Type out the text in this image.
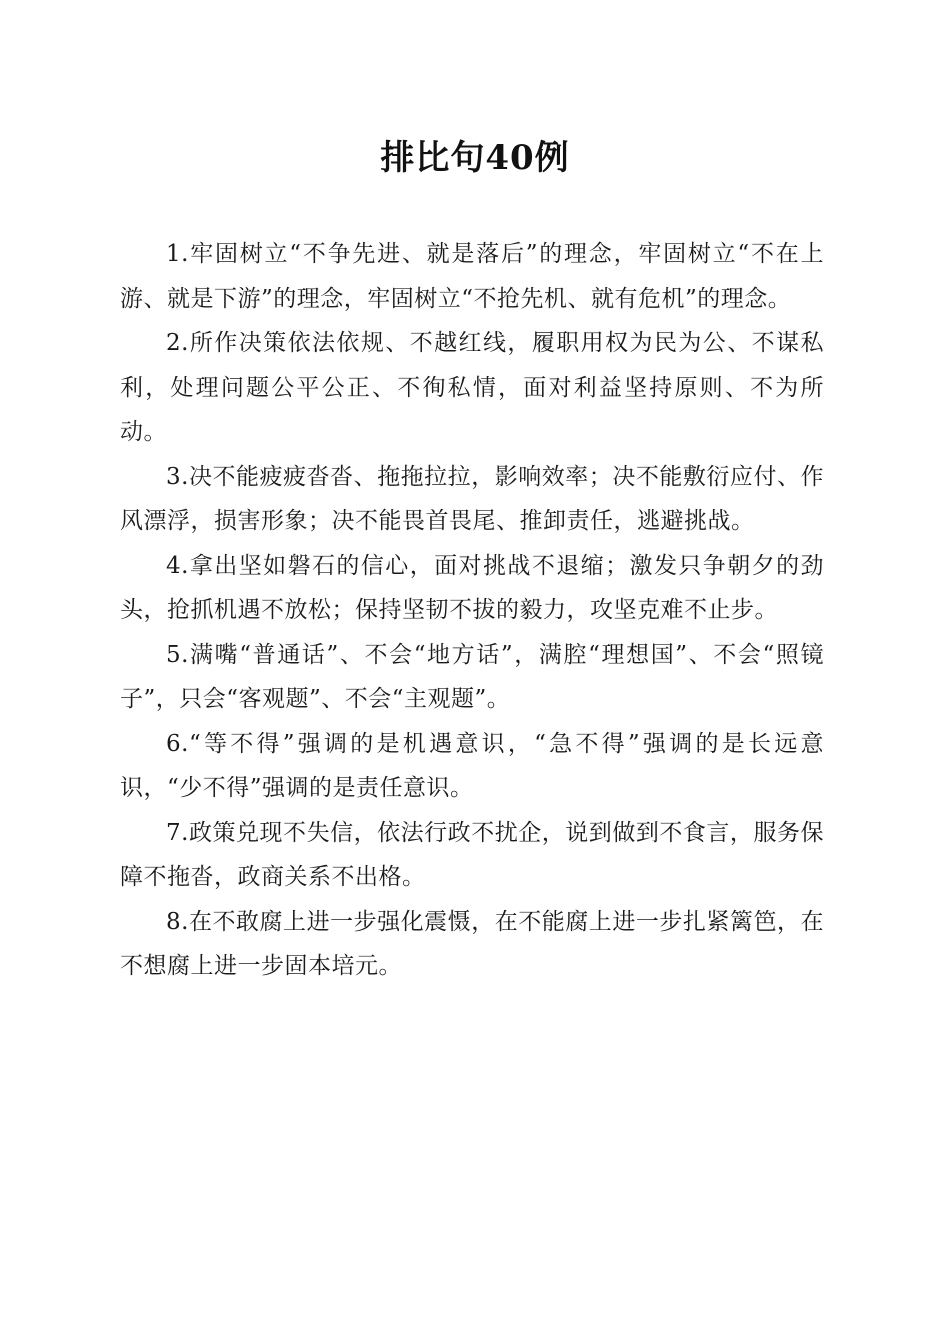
排比句40例

1.牢固树立“不争先进、就是落后”的理念，牢固树立“不在上游、就是下游”的理念，牢固树立“不抢先机、就有危机”的理念。

2.所作决策依法依规、不越红线，履职用权为民为公、不谋私利，处理问题公平公正、不徇私情，面对利益坚持原则、不为所动。

3.决不能疲疲沓沓、拖拖拉拉，影响效率；决不能敷衍应付、作风漂浮，损害形象；决不能畏首畏尾、推卸责任，逃避挑战。

4.拿出坚如磐石的信心，面对挑战不退缩；激发只争朝夕的劲头，抢抓机遇不放松；保持坚韧不拔的毅力，攻坚克难不止步。

5.满嘴“普通话”、不会“地方话”，满腔“理想国”、不会“照镜子”，只会“客观题”、不会“主观题”。

6.“等不得”强调的是机遇意识，“急不得”强调的是长远意识，“少不得”强调的是责任意识。

7.政策兑现不失信，依法行政不扰企，说到做到不食言，服务保障不拖沓，政商关系不出格。

8.在不敢腐上进一步强化震慑，在不能腐上进一步扎紧篱笆，在不想腐上进一步固本培元。
